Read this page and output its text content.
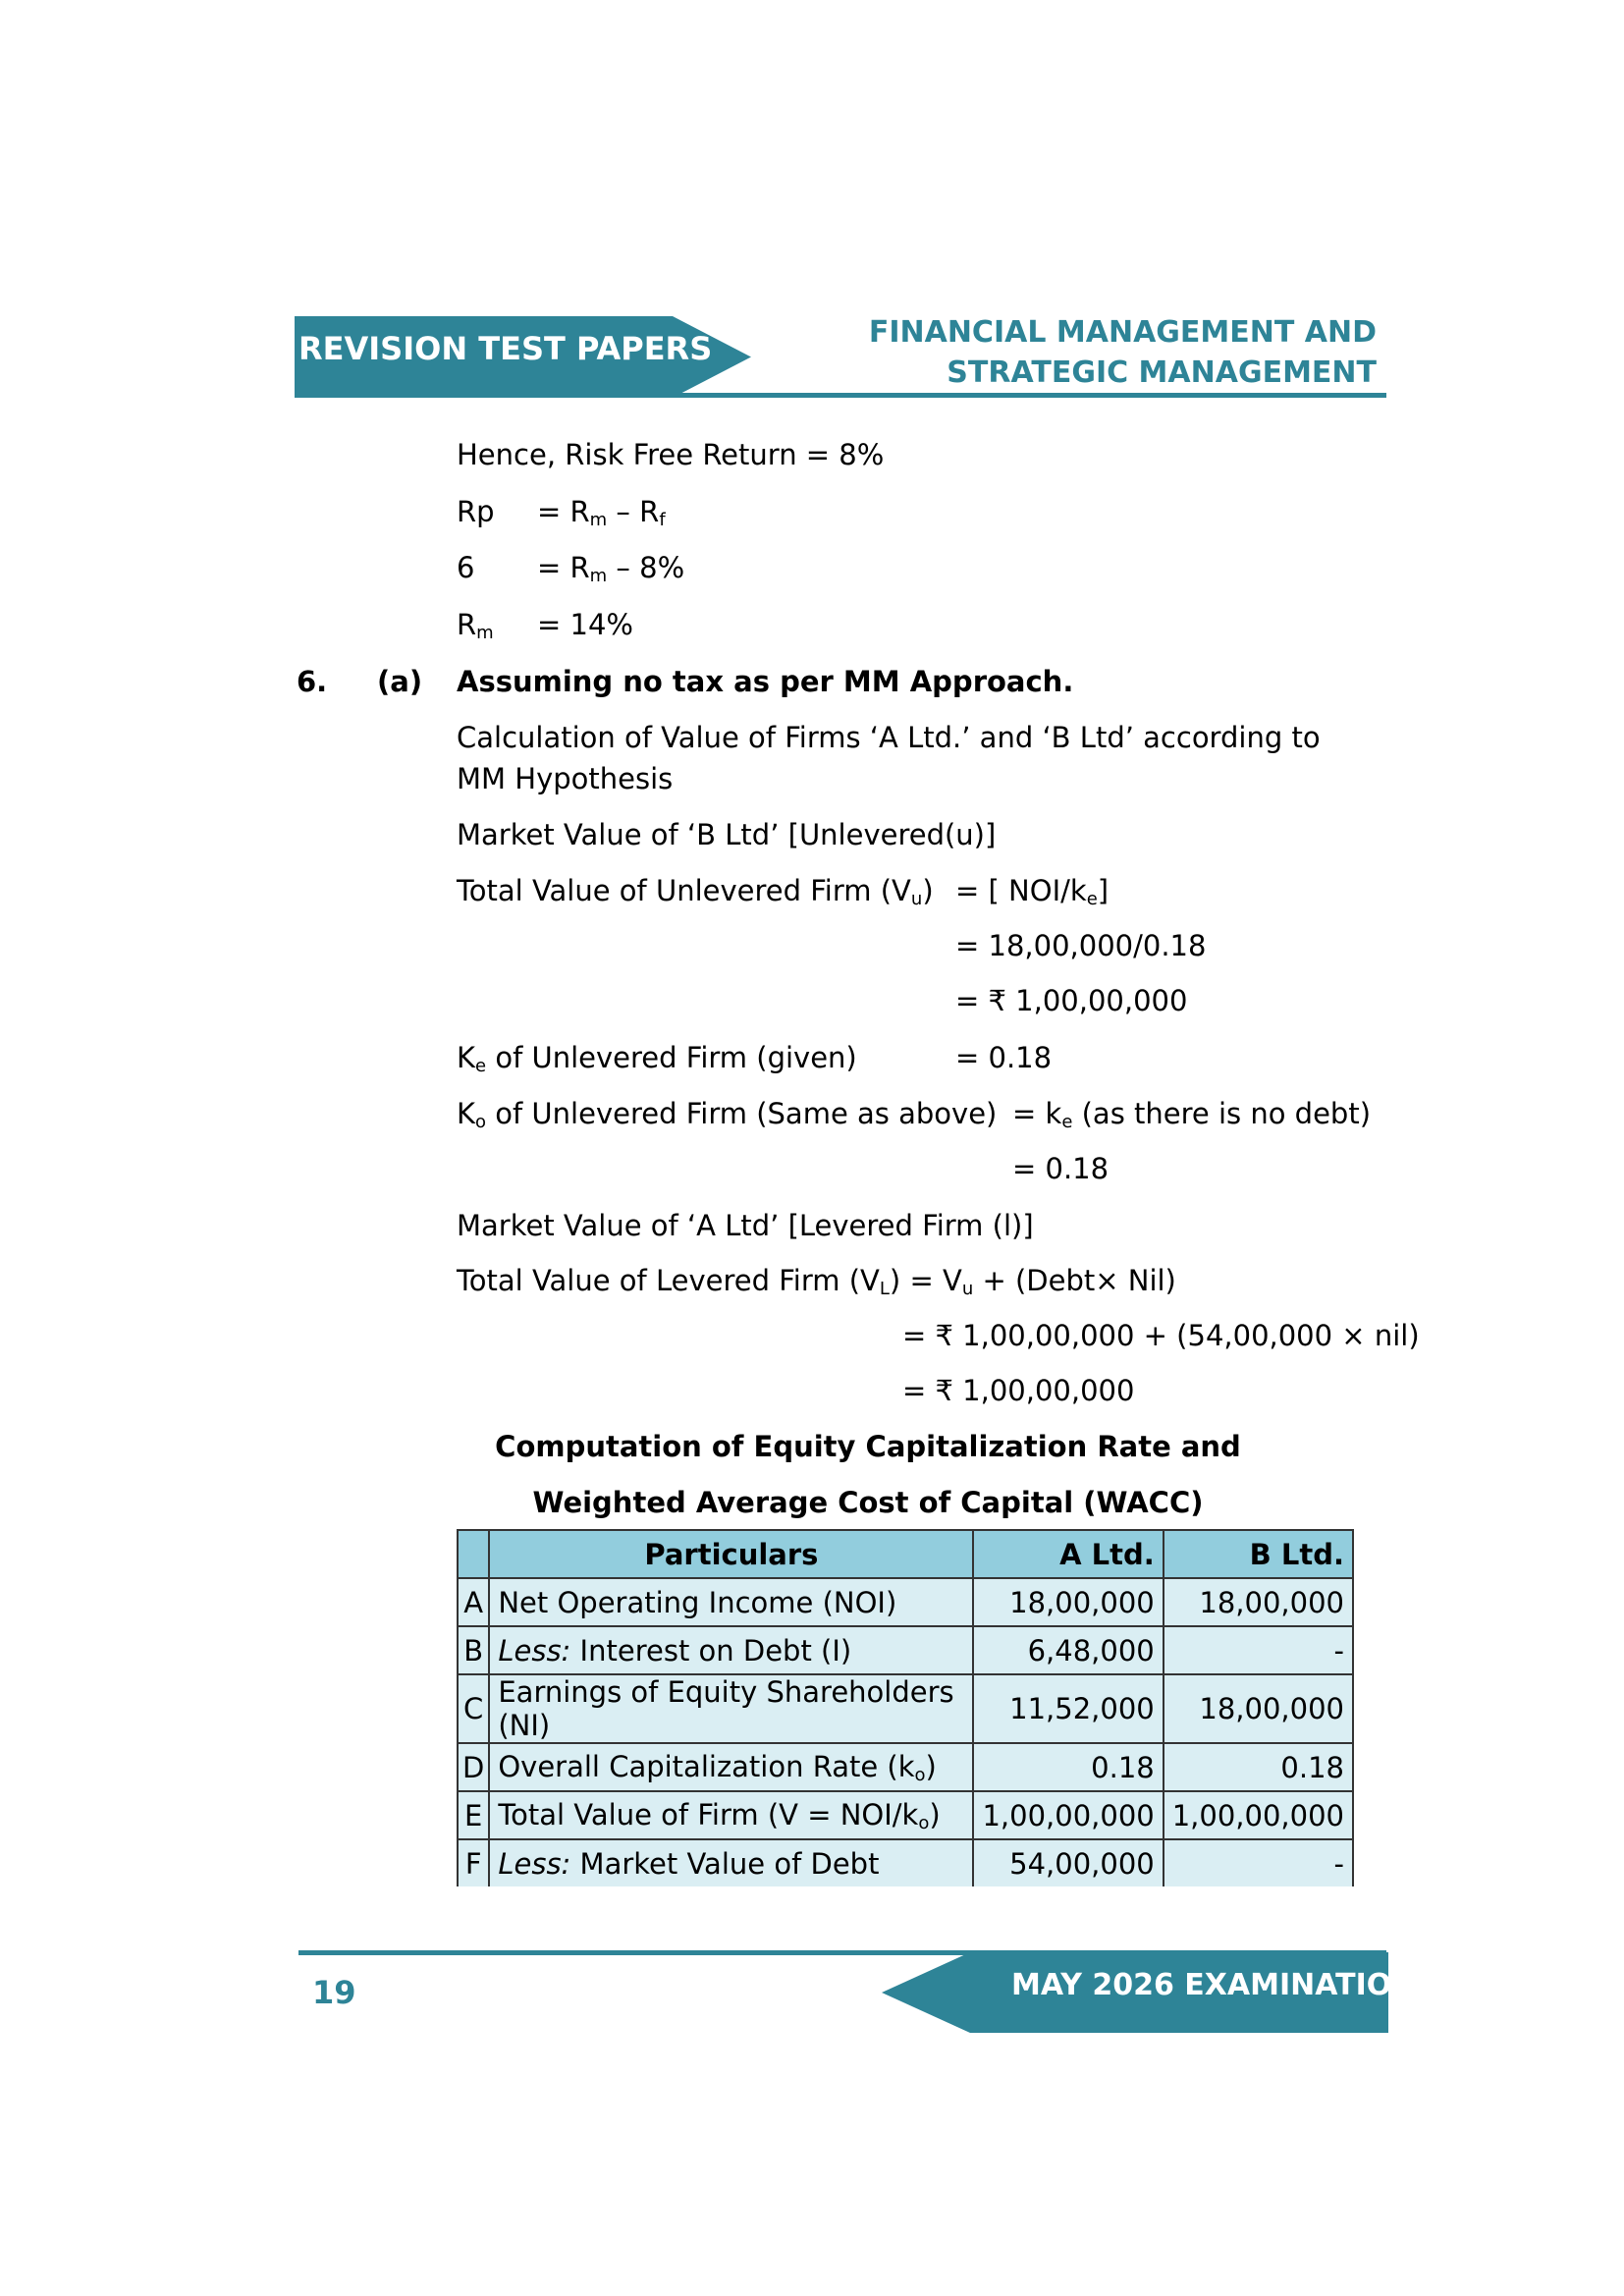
REVISION TEST PAPERS	FINANCIAL MANAGEMENT AND
STRATEGIC MANAGEMENT
Hence, Risk Free Return = 8%
$Rp = R_m - R_f$
$6 = R_m - 8\%$
$R_m = 14\%$
6. (a) Assuming no tax as per MM Approach.
Calculation of Value of Firms ‘A Ltd.’ and ‘B Ltd’ according to
MM Hypothesis
Market Value of ‘B Ltd’ [Unlevered(u)]
Total Value of Unlevered Firm $(V_u)$ = [ NOI/$k_e$]
= 18,00,000/0.18
= ₹ 1,00,00,000
$K_e$ of Unlevered Firm (given)	= 0.18
$K_o$ of Unlevered Firm (Same as above) = $k_e$ (as there is no debt)
= 0.18
Market Value of ‘A Ltd’ [Levered Firm (l)]
Total Value of Levered Firm $(V_L) = V_u$ + (Debt× Nil)
= ₹ 1,00,00,000 + (54,00,000 × nil)
= ₹ 1,00,00,000
Computation of Equity Capitalization Rate and
Weighted Average Cost of Capital (WACC)
	Particulars	A Ltd.	B Ltd.
A	Net Operating Income (NOI)	18,00,000	18,00,000
B	Less: Interest on Debt (I)	6,48,000	-
C	Earnings of Equity Shareholders (NI)	11,52,000	18,00,000
D	Overall Capitalization Rate $(k_o)$	0.18	0.18
E	Total Value of Firm (V = NOI/$k_o$)	1,00,00,000	1,00,00,000
F	Less: Market Value of Debt	54,00,000	-
19	MAY 2026 EXAMINATION
